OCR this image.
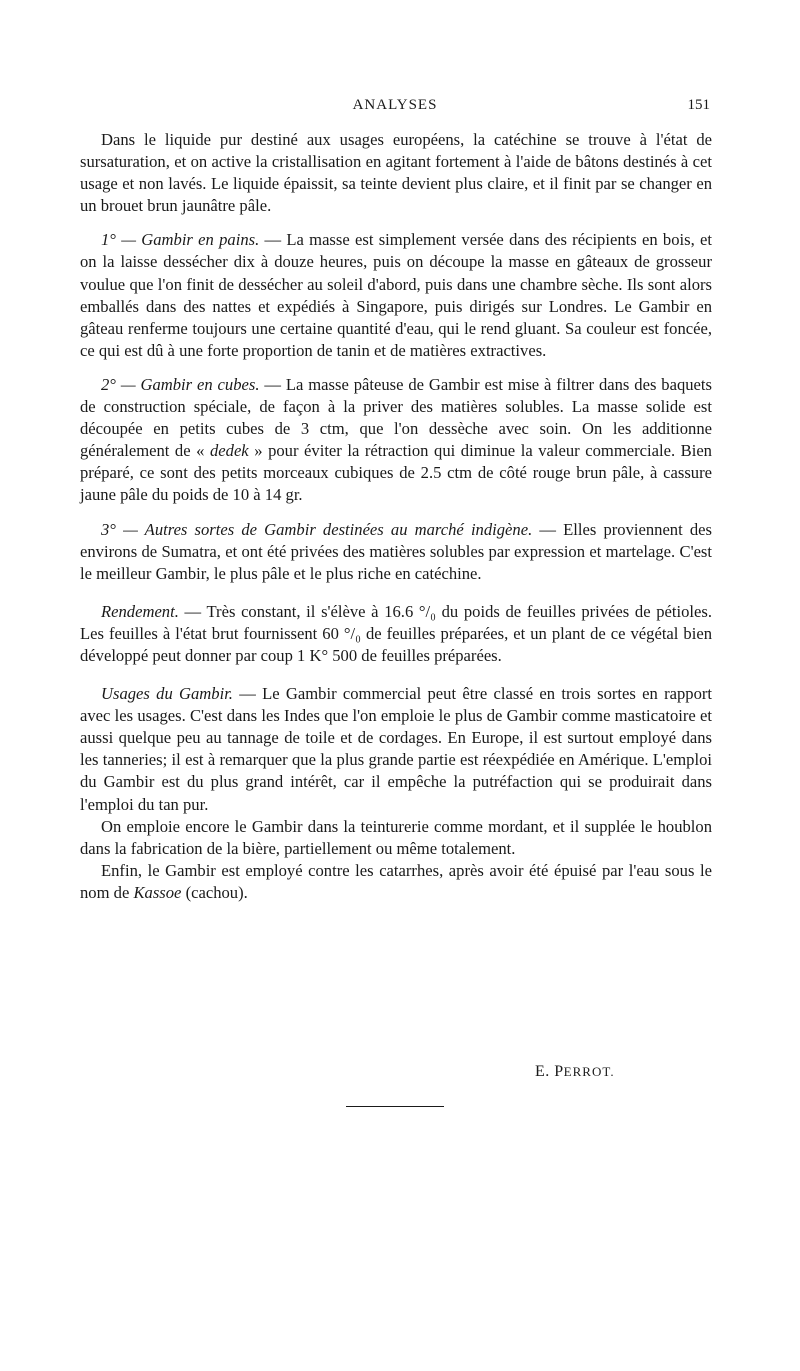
ANALYSES	151

Dans le liquide pur destiné aux usages européens, la catéchine se trouve à l'état de sursaturation, et on active la cristallisation en agitant fortement à l'aide de bâtons destinés à cet usage et non lavés. Le liquide épaissit, sa teinte devient plus claire, et il finit par se changer en un brouet brun jaunâtre pâle.

1° — Gambir en pains. — La masse est simplement versée dans des récipients en bois, et on la laisse dessécher dix à douze heures, puis on découpe la masse en gâteaux de grosseur voulue que l'on finit de dessécher au soleil d'abord, puis dans une chambre sèche. Ils sont alors emballés dans des nattes et expédiés à Singapore, puis dirigés sur Londres. Le Gambir en gâteau renferme toujours une certaine quantité d'eau, qui le rend gluant. Sa couleur est foncée, ce qui est dû à une forte proportion de tanin et de matières extractives.

2° — Gambir en cubes. — La masse pâteuse de Gambir est mise à filtrer dans des baquets de construction spéciale, de façon à la priver des matières solubles. La masse solide est découpée en petits cubes de 3 ctm, que l'on dessèche avec soin. On les additionne généralement de « dedek » pour éviter la rétraction qui diminue la valeur commerciale. Bien préparé, ce sont des petits morceaux cubiques de 2.5 ctm de côté rouge brun pâle, à cassure jaune pâle du poids de 10 à 14 gr.

3° — Autres sortes de Gambir destinées au marché indigène. — Elles proviennent des environs de Sumatra, et ont été privées des matières solubles par expression et martelage. C'est le meilleur Gambir, le plus pâle et le plus riche en catéchine.

Rendement. — Très constant, il s'élève à 16.6 °/₀ du poids de feuilles privées de pétioles. Les feuilles à l'état brut fournissent 60 °/₀ de feuilles préparées, et un plant de ce végétal bien développé peut donner par coup 1 K° 500 de feuilles préparées.

Usages du Gambir. — Le Gambir commercial peut être classé en trois sortes en rapport avec les usages. C'est dans les Indes que l'on emploie le plus de Gambir comme masticatoire et aussi quelque peu au tannage de toile et de cordages. En Europe, il est surtout employé dans les tanneries; il est à remarquer que la plus grande partie est réexpédiée en Amérique. L'emploi du Gambir est du plus grand intérêt, car il empêche la putréfaction qui se produirait dans l'emploi du tan pur.

On emploie encore le Gambir dans la teinturerie comme mordant, et il supplée le houblon dans la fabrication de la bière, partiellement ou même totalement.

Enfin, le Gambir est employé contre les catarrhes, après avoir été épuisé par l'eau sous le nom de Kassoe (cachou).

E. PERROT.
